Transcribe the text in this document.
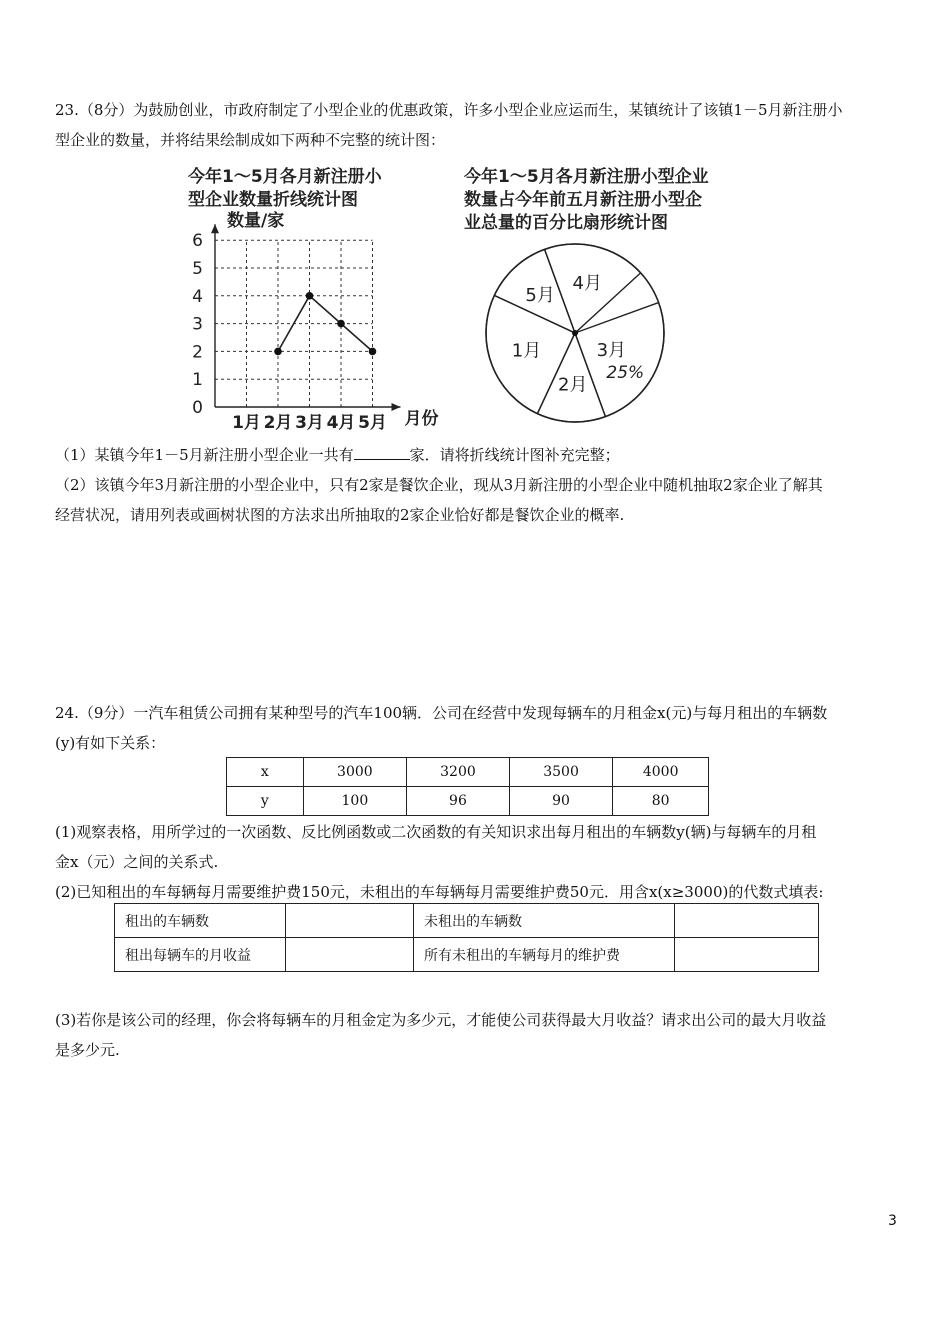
23.（8分）为鼓励创业，市政府制定了小型企业的优惠政策，许多小型企业应运而生，某镇统计了该镇1－5月新注册小

型企业的数量，并将结果绘制成如下两种不完整的统计图：

今年1～5月各月新注册小
型企业数量折线统计图
0
1
2
3
4
5
6
1月 2月 3月 4月 5月
数量/家
月份
今年1～5月各月新注册小型企业
数量占今年前五月新注册小型企
业总量的百分比扇形统计图
3月
25%
2月
1月
5月
4月

（1）某镇今年1－5月新注册小型企业一共有	家．请将折线统计图补充完整；

（2）该镇今年3月新注册的小型企业中，只有2家是餐饮企业，现从3月新注册的小型企业中随机抽取2家企业了解其

经营状况，请用列表或画树状图的方法求出所抽取的2家企业恰好都是餐饮企业的概率.

24.（9分）一汽车租赁公司拥有某种型号的汽车100辆．公司在经营中发现每辆车的月租金x(元)与每月租出的车辆数

(y)有如下关系：

x	3000	3200	3500	4000
y	100	96	90	80

(1)观察表格，用所学过的一次函数、反比例函数或二次函数的有关知识求出每月租出的车辆数y(辆)与每辆车的月租

金x（元）之间的关系式.

(2)已知租出的车每辆每月需要维护费150元，未租出的车每辆每月需要维护费50元．用含x(x≥3000)的代数式填表:

租出的车辆数		未租出的车辆数	
租出每辆车的月收益		所有未租出的车辆每月的维护费	

(3)若你是该公司的经理，你会将每辆车的月租金定为多少元，才能使公司获得最大月收益？请求出公司的最大月收益

是多少元.

3
